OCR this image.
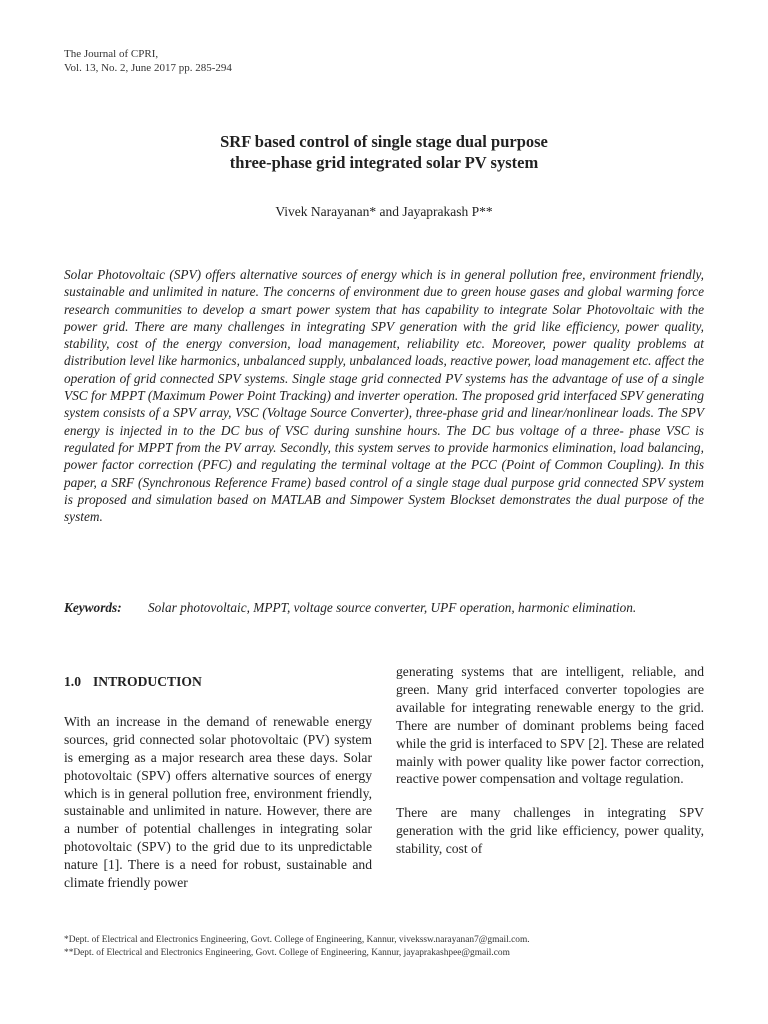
The Journal of CPRI,
Vol. 13, No. 2, June 2017 pp. 285-294
SRF based control of single stage dual purpose
three-phase grid integrated solar PV system
Vivek Narayanan* and Jayaprakash P**
Solar Photovoltaic (SPV) offers alternative sources of energy which is in general pollution free, environment friendly, sustainable and unlimited in nature. The concerns of environment due to green house gases and global warming force research communities to develop a smart power system that has capability to integrate Solar Photovoltaic with the power grid. There are many challenges in integrating SPV generation with the grid like efficiency, power quality, stability, cost of the energy conversion, load management, reliability etc. Moreover, power quality problems at distribution level like harmonics, unbalanced supply, unbalanced loads, reactive power, load management etc. affect the operation of grid connected SPV systems. Single stage grid connected PV systems has the advantage of use of a single VSC for MPPT (Maximum Power Point Tracking) and inverter operation. The proposed grid interfaced SPV generating system consists of a SPV array, VSC (Voltage Source Converter), three-phase grid and linear/nonlinear loads. The SPV energy is injected in to the DC bus of VSC during sunshine hours. The DC bus voltage of a three- phase VSC is regulated for MPPT from the PV array. Secondly, this system serves to provide harmonics elimination, load balancing, power factor correction (PFC) and regulating the terminal voltage at the PCC (Point of Common Coupling). In this paper, a SRF (Synchronous Reference Frame) based control of a single stage dual purpose grid connected SPV system is proposed and simulation based on MATLAB and Simpower System Blockset demonstrates the dual purpose of the system.
Keywords:	Solar photovoltaic, MPPT, voltage source converter, UPF operation, harmonic elimination.
1.0 INTRODUCTION

With an increase in the demand of renewable energy sources, grid connected solar photovoltaic (PV) system is emerging as a major research area these days. Solar photovoltaic (SPV) offers alternative sources of energy which is in general pollution free, environment friendly, sustainable and unlimited in nature. However, there are a number of potential challenges in integrating solar photovoltaic (SPV) to the grid due to its unpredictable nature [1]. There is a need for robust, sustainable and climate friendly power

generating systems that are intelligent, reliable, and green. Many grid interfaced converter topologies are available for integrating renewable energy to the grid. There are number of dominant problems being faced while the grid is interfaced to SPV [2]. These are related mainly with power quality like power factor correction, reactive power compensation and voltage regulation.

There are many challenges in integrating SPV generation with the grid like efficiency, power quality, stability, cost of

*Dept. of Electrical and Electronics Engineering, Govt. College of Engineering, Kannur, vivekssw.narayanan7@gmail.com.
**Dept. of Electrical and Electronics Engineering, Govt. College of Engineering, Kannur, jayaprakashpee@gmail.com
